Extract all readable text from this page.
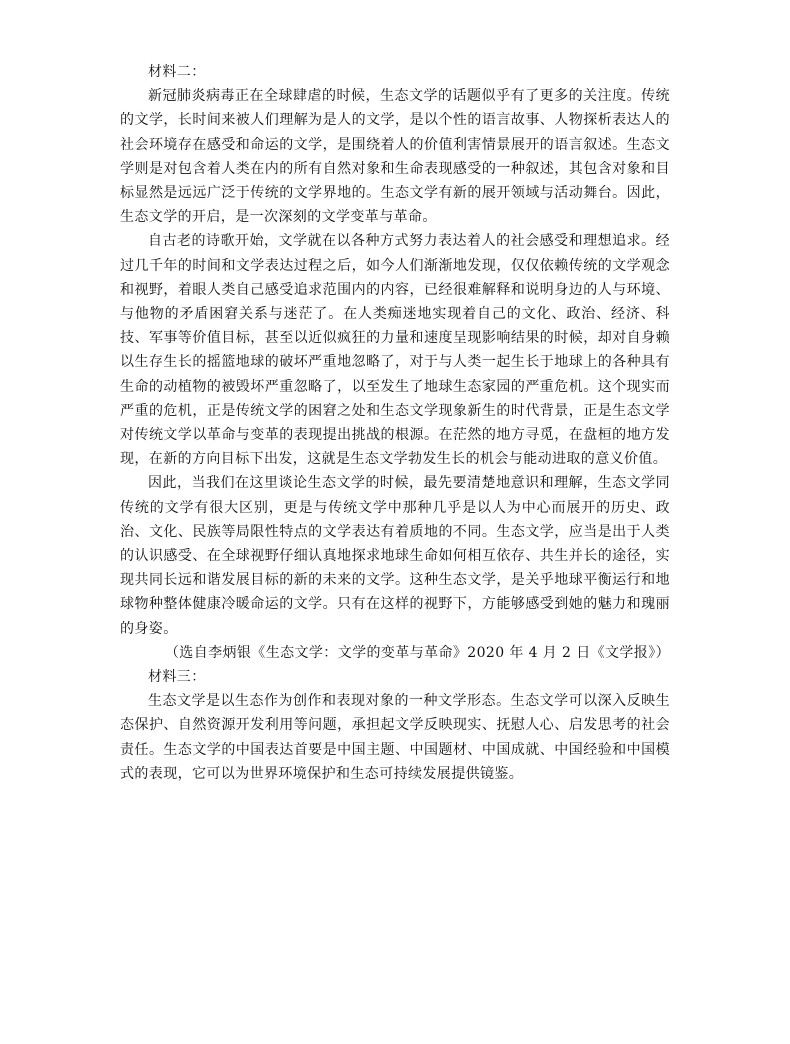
材料二：

新冠肺炎病毒正在全球肆虐的时候，生态文学的话题似乎有了更多的关注度。传统的文学，长时间来被人们理解为是人的文学，是以个性的语言故事、人物探析表达人的社会环境存在感受和命运的文学，是围绕着人的价值利害情景展开的语言叙述。生态文学则是对包含着人类在内的所有自然对象和生命表现感受的一种叙述，其包含对象和目标显然是远远广泛于传统的文学界地的。生态文学有新的展开领域与活动舞台。因此，生态文学的开启，是一次深刻的文学变革与革命。

自古老的诗歌开始，文学就在以各种方式努力表达着人的社会感受和理想追求。经过几千年的时间和文学表达过程之后，如今人们渐渐地发现，仅仅依赖传统的文学观念和视野，着眼人类自己感受追求范围内的内容，已经很难解释和说明身边的人与环境、与他物的矛盾困窘关系与迷茫了。在人类痴迷地实现着自己的文化、政治、经济、科技、军事等价值目标，甚至以近似疯狂的力量和速度呈现影响结果的时候，却对自身赖以生存生长的摇篮地球的破坏严重地忽略了，对于与人类一起生长于地球上的各种具有生命的动植物的被毁坏严重忽略了，以至发生了地球生态家园的严重危机。这个现实而严重的危机，正是传统文学的困窘之处和生态文学现象新生的时代背景，正是生态文学对传统文学以革命与变革的表现提出挑战的根源。在茫然的地方寻觅，在盘桓的地方发现，在新的方向目标下出发，这就是生态文学勃发生长的机会与能动进取的意义价值。

因此，当我们在这里谈论生态文学的时候，最先要清楚地意识和理解，生态文学同传统的文学有很大区别，更是与传统文学中那种几乎是以人为中心而展开的历史、政治、文化、民族等局限性特点的文学表达有着质地的不同。生态文学，应当是出于人类的认识感受、在全球视野仔细认真地探求地球生命如何相互依存、共生并长的途径，实现共同长远和谐发展目标的新的未来的文学。这种生态文学，是关乎地球平衡运行和地球物种整体健康冷暖命运的文学。只有在这样的视野下，方能够感受到她的魅力和瑰丽的身姿。

（选自李炳银《生态文学：文学的变革与革命》2020 年 4 月 2 日《文学报》）

材料三：

生态文学是以生态作为创作和表现对象的一种文学形态。生态文学可以深入反映生态保护、自然资源开发利用等问题，承担起文学反映现实、抚慰人心、启发思考的社会责任。生态文学的中国表达首要是中国主题、中国题材、中国成就、中国经验和中国模式的表现，它可以为世界环境保护和生态可持续发展提供镜鉴。
